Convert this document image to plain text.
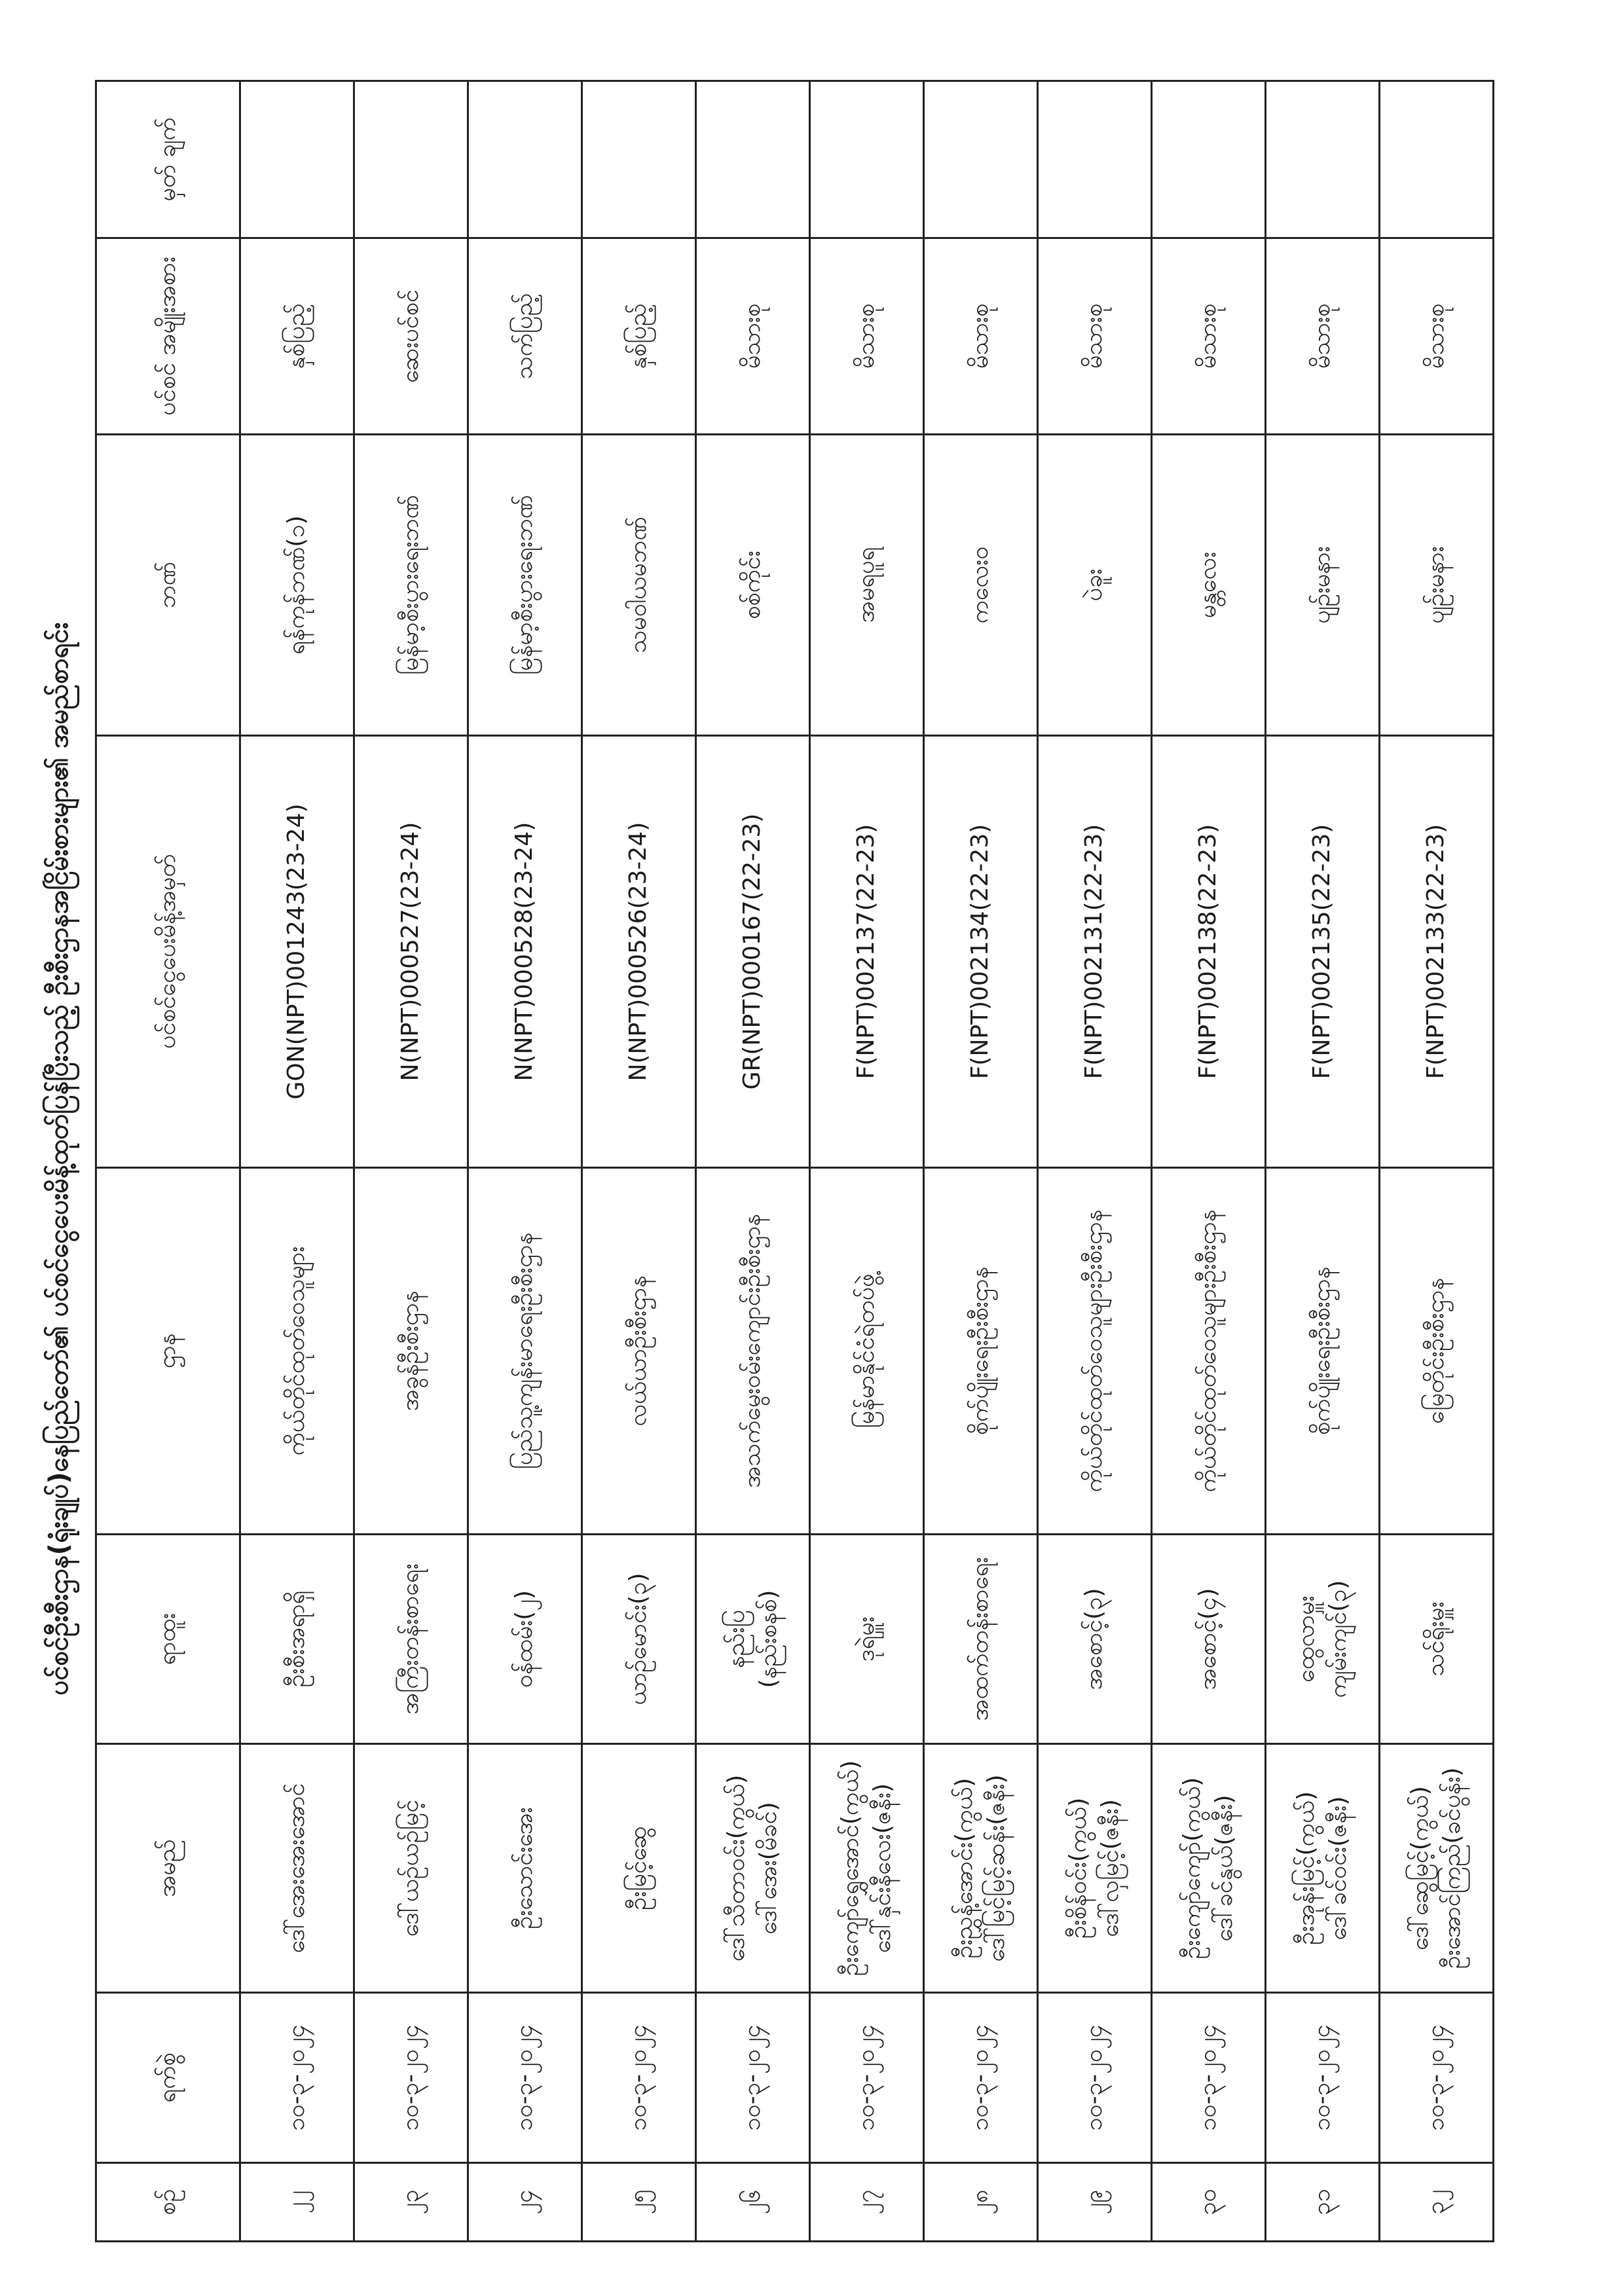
ပင်စင်ဦးစီးဌာန(ရုံးချုပ်)နေပြည်တော်၏ ပင်စင်ငွေပေးမိန့်ထုတ်ပြန်ပြီးသည့် ဦးစီးဌာနအငြိမ်းစားများ၏ အမည်စာရင်း
စဉ်	ရက်စွဲ	အမည်	ရာထူး	ဌာန	ပင်စင်ငွေပေးမိန့်အမှတ်	ဘဏ်	ပင်စင် အမျိုးအစား	မှတ် ချက်
၂၂	၁၀-၃-၂၀၂၄	ဒေါ်အေးအေးအောင်	ဦးစီးအရာရှိ	ကိုယ်တိုင်ထုတ်ဝေသူများ	GON(NPT)001243(23-24)	ရန်ကုန်ဘဏ်(၁)	နှစ်ပြည့်	
၂၃	၁၀-၃-၂၀၂၄	ဒေါ်ယဉ်ယဉ်မြင့်	အကြီးတန်းစာရေး	အခွန်ဦးစီးဌာန	N(NPT)000527(23-24)	မြန်မာ့စီးပွားရေးဘဏ်	ဆေးပင်စင်	
၂၄	၁၀-၃-၂၀၂၄	ဦးသောင်းအေး	ဝန်ထမ်း(၂)	ပြည်သူ့ကျန်းမာရေးဦးစီးဌာန	N(NPT)000528(23-24)	မြန်မာ့စီးပွားရေးဘဏ်	သက်ပြည့်	
၂၅	၁၀-၃-၂၀၂၄	ဦးမြင့်ဆွေ	ယာဉ်မောင်း(၃)	လယ်ယာဦးစီးဌာန	N(NPT)000526(23-24)	သမဝါယမဘဏ်	နှစ်ပြည့်	
၂၆	၁၀-၃-၂၀၂၄	ဒေါ်သီတာဝင်း(ကွယ်) ဒေါ်အေး(မိခင်)	နည်းပြ (နည်းစနစ်)	အသက်မွေးဝမ်းကျောင်းဦးစီးဌာန	GR(NPT)000167(22-23)	စစ်ကိုင်း	မိသားစု	
၂၇	၁၀-၃-၂၀၂၄	ဦးကျော်ရွှေအောင်(ကွယ်) ဒေါ်နှင်းနီလေး(ဇနီး)	ဒုရဲမှူး	မြန်မာနိုင်ငံရဲတပ်ဖွဲ့	F(NPT)002137(22-23)	အမရပူရ	မိသားစု	
၂၈	၁၀-၃-၂၀၂၄	ဦးညွှန့်အောင်း(ကွယ်) ဒေါ်မြင့်မြင့်ဆန်း(ဇနီး)	အထက်တန်းစာရေး	စိုက်ပျိုးရေးဦးစီးဌာန	F(NPT)002134(22-23)	ကလေးဝ	မိသားစု	
၂၉	၁၀-၃-၂၀၂၄	ဦးစိန်ဝင်း(ကွယ်) ဒေါ်လှမြင့်(ဇနီး)	အစောင့်(၃)	ကိုယ်တိုင်ထုတ်ဝေသူများဦးစီးဌာန	F(NPT)002131(22-23)	ပဲခူး	မိသားစု	
၃၀	၁၀-၃-၂၀၂၄	ဦးကျော်ကျော်(ကွယ်) ဒေါ်ခင်နွယ်(ဇနီး)	အစောင့်(၄)	ကိုယ်တိုင်ထုတ်ဝေသူများဦးစီးဌာန	F(NPT)002138(22-23)	မန္တလေး	မိသားစု	
၃၁	၁၀-၃-၂၀၂၄	ဦးအုန်းမြင့်(ကွယ်) ဒေါ်ခင်ဝင်း(ဇနီး)	ထွေလာမှူး ကျမ်းကျင်(၃)	စိုက်ပျိုးရေးဦးစီးဌာန	F(NPT)002135(22-23)	ပျဉ်းမနား	မိသားစု	
၃၂	၁၀-၃-၂၀၂၄	ဒေါ်ဆွေမြင့်(ကွယ်) ဦးအောင်ကြည်(ခင်ပွန်း)	သင်ရိုးမှူး	မြေတိုင်းဦးစီးဌာန	F(NPT)002133(22-23)	ပျဉ်းမနား	မိသားစု	
